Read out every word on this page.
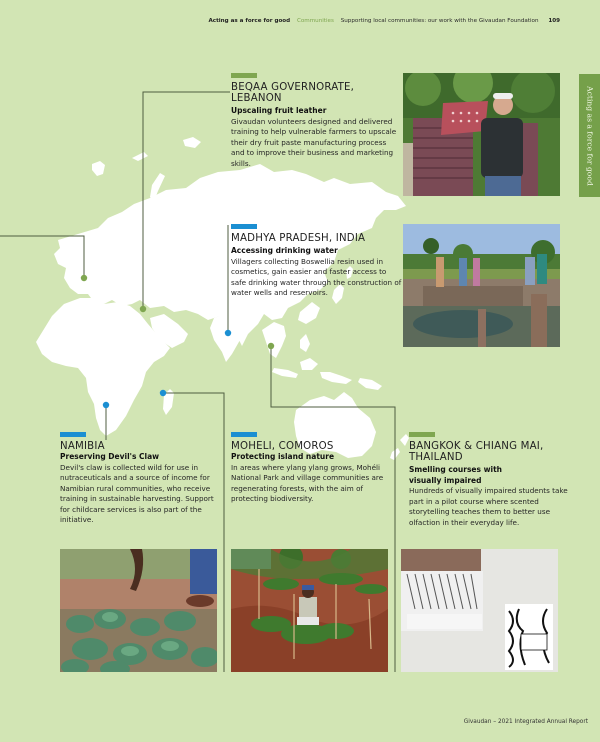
Acting as a force for good Communities Supporting local communities: our work with the Givaudan Foundation 109
Acting as a force for good
BEQAA GOVERNORATE,
LEBANON
Upscaling fruit leather
Givaudan volunteers designed and delivered training to help vulnerable farmers to upscale their dry fruit paste manufacturing process and to improve their business and marketing skills.
MADHYA PRADESH, INDIA
Accessing drinking water
Villagers collecting Boswellia resin used in cosmetics, gain easier and faster access to safe drinking water through the construction of water wells and reservoirs.
NAMIBIA
Preserving Devil's Claw
Devil's claw is collected wild for use in nutraceuticals and a source of income for Namibian rural communities, who receive training in sustainable harvesting. Support for childcare services is also part of the initiative.
MOHELI, COMOROS
Protecting island nature
In areas where ylang ylang grows, Mohéli National Park and village communities are regenerating forests, with the aim of protecting biodiversity.
BANGKOK & CHIANG MAI,
THAILAND
Smelling courses with
visually impaired
Hundreds of visually impaired students take part in a pilot course where scented storytelling teaches them to better use olfaction in their everyday life.
Givaudan – 2021 Integrated Annual Report
